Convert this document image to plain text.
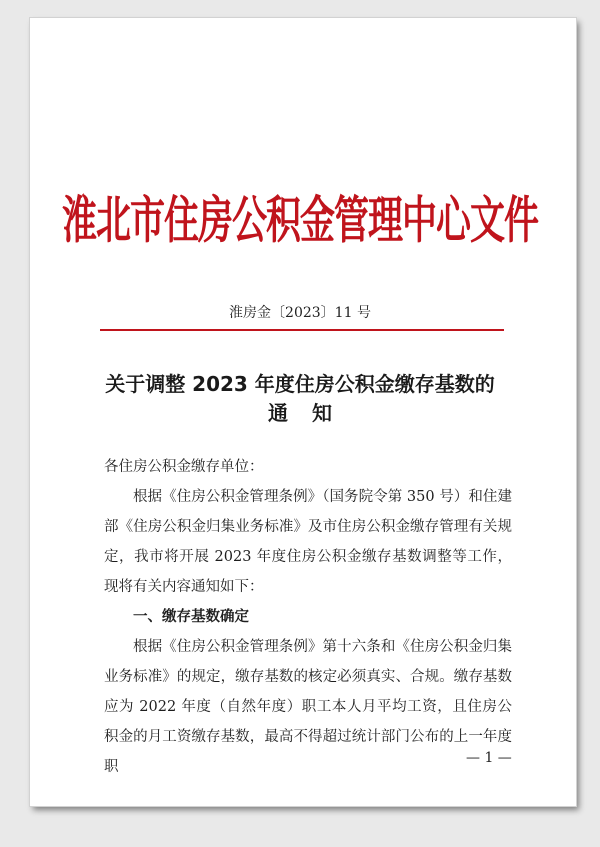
淮北市住房公积金管理中心文件
淮房金〔2023〕11 号
关于调整 2023 年度住房公积金缴存基数的
通知

各住房公积金缴存单位：

根据《住房公积金管理条例》（国务院令第 350 号）和住建部《住房公积金归集业务标准》及市住房公积金缴存管理有关规定，我市将开展 2023 年度住房公积金缴存基数调整等工作，现将有关内容通知如下：

一、缴存基数确定

根据《住房公积金管理条例》第十六条和《住房公积金归集业务标准》的规定，缴存基数的核定必须真实、合规。缴存基数应为 2022 年度（自然年度）职工本人月平均工资，且住房公积金的月工资缴存基数，最高不得超过统计部门公布的上一年度职

— 1 —
